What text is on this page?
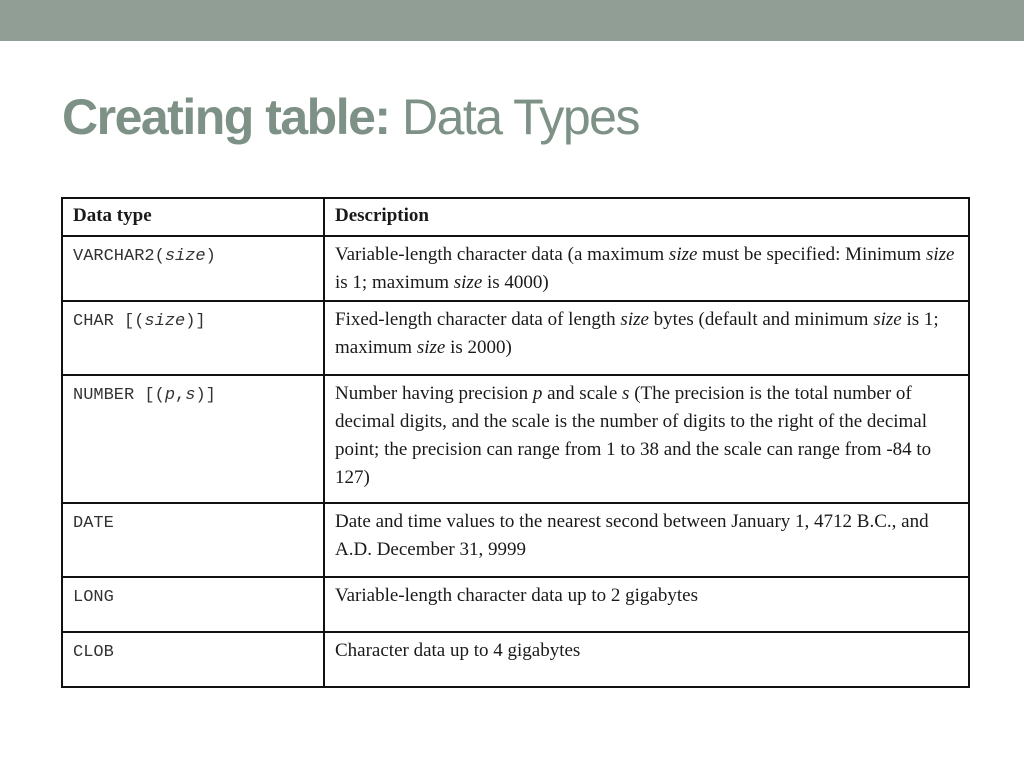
Creating table: Data Types
Data type	Description
VARCHAR2(size)	Variable-length character data (a maximum size must be specified: Minimum size is 1; maximum size is 4000)
CHAR [(size)]	Fixed-length character data of length size bytes (default and minimum size is 1; maximum size is 2000)
NUMBER [(p,s)]	Number having precision p and scale s (The precision is the total number of decimal digits, and the scale is the number of digits to the right of the decimal point; the precision can range from 1 to 38 and the scale can range from -84 to 127)
DATE	Date and time values to the nearest second between January 1, 4712 B.C., and A.D. December 31, 9999
LONG	Variable-length character data up to 2 gigabytes
CLOB	Character data up to 4 gigabytes
